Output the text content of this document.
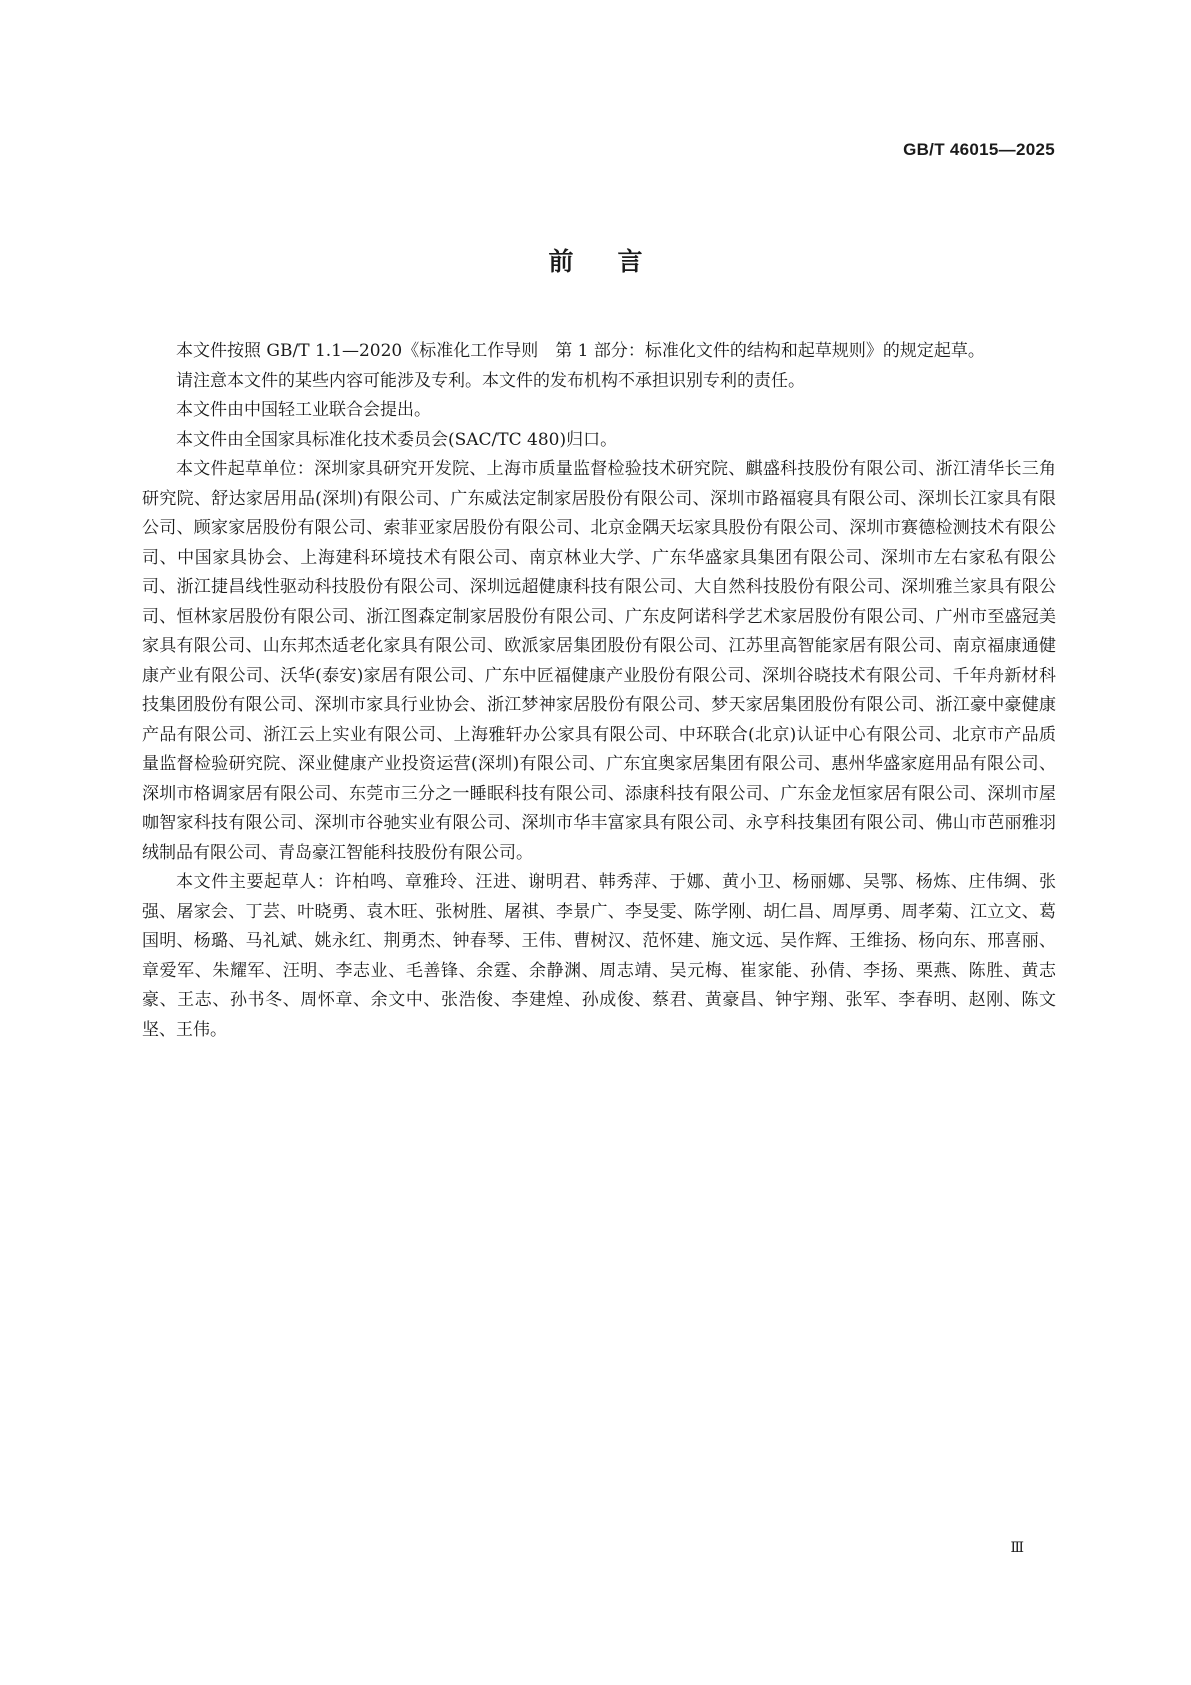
GB/T 46015—2025
前言

本文件按照 GB/T 1.1—2020《标准化工作导则　第 1 部分：标准化文件的结构和起草规则》的规定起草。

请注意本文件的某些内容可能涉及专利。本文件的发布机构不承担识别专利的责任。

本文件由中国轻工业联合会提出。

本文件由全国家具标准化技术委员会(SAC/TC 480)归口。

本文件起草单位：深圳家具研究开发院、上海市质量监督检验技术研究院、麒盛科技股份有限公司、浙江清华长三角研究院、舒达家居用品(深圳)有限公司、广东威法定制家居股份有限公司、深圳市路福寝具有限公司、深圳长江家具有限公司、顾家家居股份有限公司、索菲亚家居股份有限公司、北京金隅天坛家具股份有限公司、深圳市赛德检测技术有限公司、中国家具协会、上海建科环境技术有限公司、南京林业大学、广东华盛家具集团有限公司、深圳市左右家私有限公司、浙江捷昌线性驱动科技股份有限公司、深圳远超健康科技有限公司、大自然科技股份有限公司、深圳雅兰家具有限公司、恒林家居股份有限公司、浙江图森定制家居股份有限公司、广东皮阿诺科学艺术家居股份有限公司、广州市至盛冠美家具有限公司、山东邦杰适老化家具有限公司、欧派家居集团股份有限公司、江苏里高智能家居有限公司、南京福康通健康产业有限公司、沃华(泰安)家居有限公司、广东中匠福健康产业股份有限公司、深圳谷晓技术有限公司、千年舟新材科技集团股份有限公司、深圳市家具行业协会、浙江梦神家居股份有限公司、梦天家居集团股份有限公司、浙江豪中豪健康产品有限公司、浙江云上实业有限公司、上海雅轩办公家具有限公司、中环联合(北京)认证中心有限公司、北京市产品质量监督检验研究院、深业健康产业投资运营(深圳)有限公司、广东宜奥家居集团有限公司、惠州华盛家庭用品有限公司、深圳市格调家居有限公司、东莞市三分之一睡眠科技有限公司、添康科技有限公司、广东金龙恒家居有限公司、深圳市屋咖智家科技有限公司、深圳市谷驰实业有限公司、深圳市华丰富家具有限公司、永亨科技集团有限公司、佛山市芭丽雅羽绒制品有限公司、青岛豪江智能科技股份有限公司。

本文件主要起草人：许柏鸣、章雅玲、汪进、谢明君、韩秀萍、于娜、黄小卫、杨丽娜、吴鄂、杨炼、庄伟绸、张强、屠家会、丁芸、叶晓勇、袁木旺、张树胜、屠祺、李景广、李旻雯、陈学刚、胡仁昌、周厚勇、周孝菊、江立文、葛国明、杨璐、马礼斌、姚永红、荆勇杰、钟春琴、王伟、曹树汉、范怀建、施文远、吴作辉、王维扬、杨向东、邢喜丽、章爱军、朱耀军、汪明、李志业、毛善锋、余霆、余静渊、周志靖、吴元梅、崔家能、孙倩、李扬、栗燕、陈胜、黄志豪、王志、孙书冬、周怀章、余文中、张浩俊、李建煌、孙成俊、蔡君、黄豪昌、钟宇翔、张军、李春明、赵刚、陈文坚、王伟。

Ⅲ
